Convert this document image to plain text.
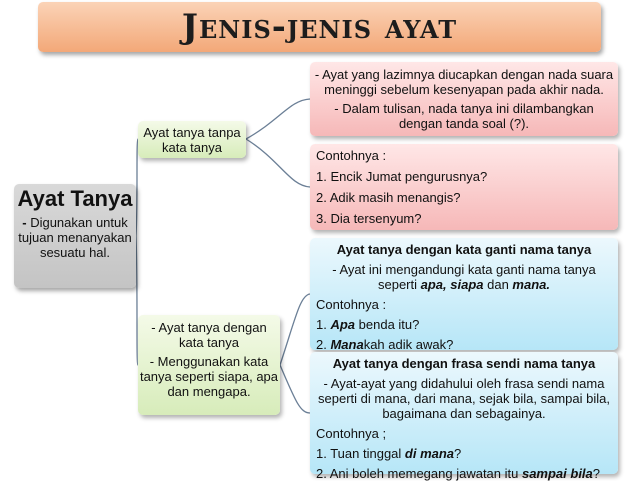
Jenis-jenis ayat
Ayat Tanya
- Digunakan untuk tujuan menanyakan sesuatu hal.
Ayat tanya tanpa kata tanya

- Ayat tanya dengan kata tanya

- Menggunakan kata tanya seperti siapa, apa dan mengapa.

- Ayat yang lazimnya diucapkan dengan nada suara meninggi sebelum kesenyapan pada akhir nada.

- Dalam tulisan, nada tanya ini dilambangkan dengan tanda soal (?).

Contohnya :

1. Encik Jumat pengurusnya?

2. Adik masih menangis?

3. Dia tersenyum?

Ayat tanya dengan kata ganti nama tanya

- Ayat ini mengandungi kata ganti nama tanya seperti apa, siapa dan mana.

Contohnya :

1. Apa benda itu?

2. Manakah adik awak?

Ayat tanya dengan frasa sendi nama tanya

- Ayat-ayat yang didahului oleh frasa sendi nama seperti di mana, dari mana, sejak bila, sampai bila, bagaimana dan sebagainya.

Contohnya ;

1. Tuan tinggal di mana?

2. Ani boleh memegang jawatan itu sampai bila?
